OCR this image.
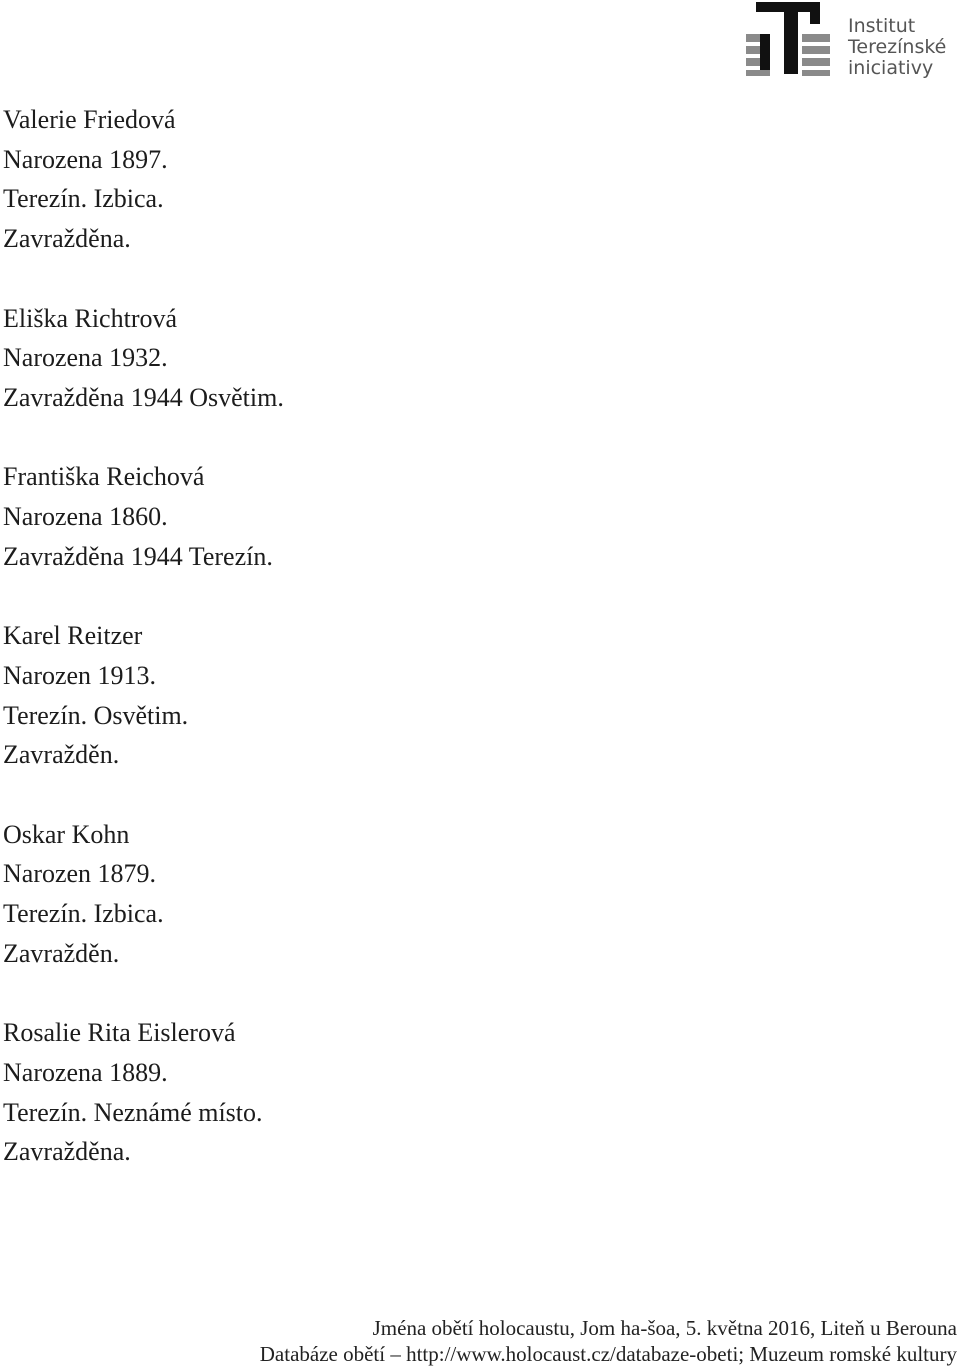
Institut
Terezínské
iniciativy
Valerie Friedová
Narozena 1897.
Terezín. Izbica.
Zavražděna.
Eliška Richtrová
Narozena 1932.
Zavražděna 1944 Osvětim.
Františka Reichová
Narozena 1860.
Zavražděna 1944 Terezín.
Karel Reitzer
Narozen 1913.
Terezín. Osvětim.
Zavražděn.
Oskar Kohn
Narozen 1879.
Terezín. Izbica.
Zavražděn.
Rosalie Rita Eislerová
Narozena 1889.
Terezín. Neznámé místo.
Zavražděna.
Jména obětí holocaustu, Jom ha-šoa, 5. května 2016, Liteň u Berouna
Databáze obětí – http://www.holocaust.cz/databaze-obeti; Muzeum romské kultury
